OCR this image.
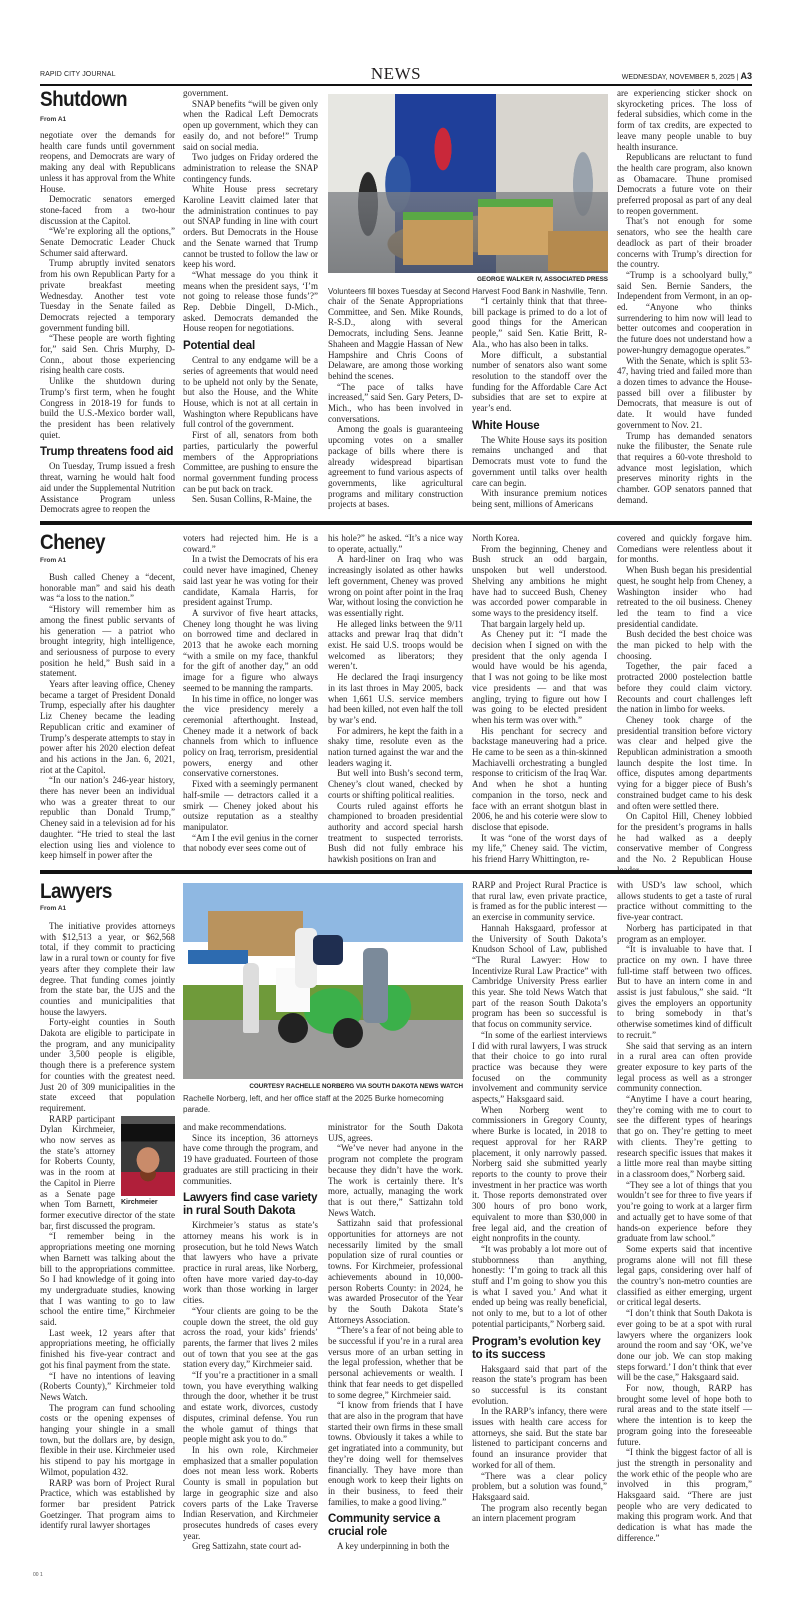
RAPID CITY JOURNAL	NEWS	WEDNESDAY, NOVEMBER 5, 2025 | A3
Shutdown
From A1

negotiate over the demands for health care funds until government reopens, and Democrats are wary of making any deal with Republicans unless it has approval from the White House.

Democratic senators emerged stone-faced from a two-hour discussion at the Capitol.

“We’re exploring all the options,” Senate Democratic Leader Chuck Schumer said afterward.

Trump abruptly invited senators from his own Republican Party for a private breakfast meeting Wednesday. Another test vote Tuesday in the Senate failed as Democrats rejected a temporary government funding bill.

“These people are worth fighting for,” said Sen. Chris Murphy, D-Conn., about those experiencing rising health care costs.

Unlike the shutdown during Trump’s first term, when he fought Congress in 2018-19 for funds to build the U.S.-Mexico border wall, the president has been relatively quiet.

Trump threatens food aid

On Tuesday, Trump issued a fresh threat, warning he would halt food aid under the Supplemental Nutrition Assistance Program unless Democrats agree to reopen the

government.

SNAP benefits “will be given only when the Radical Left Democrats open up government, which they can easily do, and not before!” Trump said on social media.

Two judges on Friday ordered the administration to release the SNAP contingency funds.

White House press secretary Karoline Leavitt claimed later that the administration continues to pay out SNAP funding in line with court orders. But Democrats in the House and the Senate warned that Trump cannot be trusted to follow the law or keep his word.

“What message do you think it means when the president says, ‘I’m not going to release those funds’?” Rep. Debbie Dingell, D-Mich., asked. Democrats demanded the House reopen for negotiations.

Potential deal

Central to any endgame will be a series of agreements that would need to be upheld not only by the Senate, but also the House, and the White House, which is not at all certain in Washington where Republicans have full control of the government.

First of all, senators from both parties, particularly the powerful members of the Appropriations Committee, are pushing to ensure the normal government funding process can be put back on track.

Sen. Susan Collins, R-Maine, the

GEORGE WALKER IV, ASSOCIATED PRESS
Volunteers fill boxes Tuesday at Second Harvest Food Bank in Nashville, Tenn.

chair of the Senate Appropriations Committee, and Sen. Mike Rounds, R-S.D., along with several Democrats, including Sens. Jeanne Shaheen and Maggie Hassan of New Hampshire and Chris Coons of Delaware, are among those working behind the scenes.

“The pace of talks have increased,” said Sen. Gary Peters, D-Mich., who has been involved in conversations.

Among the goals is guaranteeing upcoming votes on a smaller package of bills where there is already widespread bipartisan agreement to fund various aspects of governments, like agricultural programs and military construction projects at bases.

“I certainly think that that three-bill package is primed to do a lot of good things for the American people,” said Sen. Katie Britt, R-Ala., who has also been in talks.

More difficult, a substantial number of senators also want some resolution to the standoff over the funding for the Affordable Care Act subsidies that are set to expire at year’s end.

White House

The White House says its position remains unchanged and that Democrats must vote to fund the government until talks over health care can begin.

With insurance premium notices being sent, millions of Americans

are experiencing sticker shock on skyrocketing prices. The loss of federal subsidies, which come in the form of tax credits, are expected to leave many people unable to buy health insurance.

Republicans are reluctant to fund the health care program, also known as Obamacare. Thune promised Democrats a future vote on their preferred proposal as part of any deal to reopen government.

That’s not enough for some senators, who see the health care deadlock as part of their broader concerns with Trump’s direction for the country.

“Trump is a schoolyard bully,” said Sen. Bernie Sanders, the Independent from Vermont, in an op-ed. “Anyone who thinks surrendering to him now will lead to better outcomes and cooperation in the future does not understand how a power-hungry demagogue operates.”

With the Senate, which is split 53-47, having tried and failed more than a dozen times to advance the House-passed bill over a filibuster by Democrats, that measure is out of date. It would have funded government to Nov. 21.

Trump has demanded senators nuke the filibuster, the Senate rule that requires a 60-vote threshold to advance most legislation, which preserves minority rights in the chamber. GOP senators panned that demand.

Cheney
From A1

Bush called Cheney a “decent, honorable man” and said his death was “a loss to the nation.”

“History will remember him as among the finest public servants of his generation — a patriot who brought integrity, high intelligence, and seriousness of purpose to every position he held,” Bush said in a statement.

Years after leaving office, Cheney became a target of President Donald Trump, especially after his daughter Liz Cheney became the leading Republican critic and examiner of Trump’s desperate attempts to stay in power after his 2020 election defeat and his actions in the Jan. 6, 2021, riot at the Capitol.

“In our nation’s 246-year history, there has never been an individual who was a greater threat to our republic than Donald Trump,” Cheney said in a television ad for his daughter. “He tried to steal the last election using lies and violence to keep himself in power after the

voters had rejected him. He is a coward.”

In a twist the Democrats of his era could never have imagined, Cheney said last year he was voting for their candidate, Kamala Harris, for president against Trump.

A survivor of five heart attacks, Cheney long thought he was living on borrowed time and declared in 2013 that he awoke each morning “with a smile on my face, thankful for the gift of another day,” an odd image for a figure who always seemed to be manning the ramparts.

In his time in office, no longer was the vice presidency merely a ceremonial afterthought. Instead, Cheney made it a network of back channels from which to influence policy on Iraq, terrorism, presidential powers, energy and other conservative cornerstones.

Fixed with a seemingly permanent half-smile — detractors called it a smirk — Cheney joked about his outsize reputation as a stealthy manipulator.

“Am I the evil genius in the corner that nobody ever sees come out of

his hole?” he asked. “It’s a nice way to operate, actually.”

A hard-liner on Iraq who was increasingly isolated as other hawks left government, Cheney was proved wrong on point after point in the Iraq War, without losing the conviction he was essentially right.

He alleged links between the 9/11 attacks and prewar Iraq that didn’t exist. He said U.S. troops would be welcomed as liberators; they weren’t.

He declared the Iraqi insurgency in its last throes in May 2005, back when 1,661 U.S. service members had been killed, not even half the toll by war’s end.

For admirers, he kept the faith in a shaky time, resolute even as the nation turned against the war and the leaders waging it.

But well into Bush’s second term, Cheney’s clout waned, checked by courts or shifting political realities.

Courts ruled against efforts he championed to broaden presidential authority and accord special harsh treatment to suspected terrorists. Bush did not fully embrace his hawkish positions on Iran and

North Korea.

From the beginning, Cheney and Bush struck an odd bargain, unspoken but well understood. Shelving any ambitions he might have had to succeed Bush, Cheney was accorded power comparable in some ways to the presidency itself.

That bargain largely held up.

As Cheney put it: “I made the decision when I signed on with the president that the only agenda I would have would be his agenda, that I was not going to be like most vice presidents — and that was angling, trying to figure out how I was going to be elected president when his term was over with.”

His penchant for secrecy and backstage maneuvering had a price. He came to be seen as a thin-skinned Machiavelli orchestrating a bungled response to criticism of the Iraq War. And when he shot a hunting companion in the torso, neck and face with an errant shotgun blast in 2006, he and his coterie were slow to disclose that episode.

It was “one of the worst days of my life,” Cheney said. The victim, his friend Harry Whittington, re-

covered and quickly forgave him. Comedians were relentless about it for months.

When Bush began his presidential quest, he sought help from Cheney, a Washington insider who had retreated to the oil business. Cheney led the team to find a vice presidential candidate.

Bush decided the best choice was the man picked to help with the choosing.

Together, the pair faced a protracted 2000 postelection battle before they could claim victory. Recounts and court challenges left the nation in limbo for weeks.

Cheney took charge of the presidential transition before victory was clear and helped give the Republican administration a smooth launch despite the lost time. In office, disputes among departments vying for a bigger piece of Bush’s constrained budget came to his desk and often were settled there.

On Capitol Hill, Cheney lobbied for the president’s programs in halls he had walked as a deeply conservative member of Congress and the No. 2 Republican House

Lawyers
From A1

The initiative provides attorneys with $12,513 a year, or $62,568 total, if they commit to practicing law in a rural town or county for five years after they complete their law degree. That funding comes jointly from the state bar, the UJS and the counties and municipalities that house the lawyers.

Forty-eight counties in South Dakota are eligible to participate in the program, and any municipality under 3,500 people is eligible, though there is a preference system for counties with the greatest need. Just 20 of 309 municipalities in the state exceed that population requirement.

Kirchmeier

RARP participant Dylan Kirchmeier, who now serves as the state’s attorney for Roberts County, was in the room at the Capitol in Pierre as a Senate page when Tom Barnett, former executive director of the state bar, first discussed the program.

“I remember being in the appropriations meeting one morning when Barnett was talking about the bill to the appropriations committee. So I had knowledge of it going into my undergraduate studies, knowing that I was wanting to go to law school the entire time,” Kirchmeier said.

Last week, 12 years after that appropriations meeting, he officially finished his five-year contract and got his final payment from the state.

“I have no intentions of leaving (Roberts County),” Kirchmeier told News Watch.

The program can fund schooling costs or the opening expenses of hanging your shingle in a small town, but the dollars are, by design, flexible in their use. Kirchmeier used his stipend to pay his mortgage in Wilmot, population 432.

RARP was born of Project Rural Practice, which was established by former bar president Patrick Goetzinger. That program aims to identify rural lawyer shortages

COURTESY RACHELLE NORBERG VIA SOUTH DAKOTA NEWS WATCH
Rachelle Norberg, left, and her office staff at the 2025 Burke homecoming parade.

and make recommendations.

Since its inception, 36 attorneys have come through the program, and 19 have graduated. Fourteen of those graduates are still practicing in their communities.

Lawyers find case variety in rural South Dakota

Kirchmeier’s status as state’s attorney means his work is in prosecution, but he told News Watch that lawyers who have a private practice in rural areas, like Norberg, often have more varied day-to-day work than those working in larger cities.

“Your clients are going to be the couple down the street, the old guy across the road, your kids’ friends’ parents, the farmer that lives 2 miles out of town that you see at the gas station every day,” Kirchmeier said.

“If you’re a practitioner in a small town, you have everything walking through the door, whether it be trust and estate work, divorces, custody disputes, criminal defense. You run the whole gamut of things that people might ask you to do.”

In his own role, Kirchmeier emphasized that a smaller population does not mean less work. Roberts County is small in population but large in geographic size and also covers parts of the Lake Traverse Indian Reservation, and Kirchmeier prosecutes hundreds of cases every year.

Greg Sattizahn, state court ad-

ministrator for the South Dakota UJS, agrees.

“We’ve never had anyone in the program not complete the program because they didn’t have the work. The work is certainly there. It’s more, actually, managing the work that is out there,” Sattizahn told News Watch.

Sattizahn said that professional opportunities for attorneys are not necessarily limited by the small population size of rural counties or towns. For Kirchmeier, professional achievements abound in 10,000-person Roberts County: in 2024, he was awarded Prosecutor of the Year by the South Dakota State’s Attorneys Association.

“There’s a fear of not being able to be successful if you’re in a rural area versus more of an urban setting in the legal profession, whether that be personal achievements or wealth. I think that fear needs to get dispelled to some degree,” Kirchmeier said.

“I know from friends that I have that are also in the program that have started their own firms in these small towns. Obviously it takes a while to get ingratiated into a community, but they’re doing well for themselves financially. They have more than enough work to keep their lights on in their business, to feed their families, to make a good living.”

Community service a crucial role

A key underpinning in both the

RARP and Project Rural Practice is that rural law, even private practice, is framed as for the public interest — an exercise in community service.

Hannah Haksgaard, professor at the University of South Dakota’s Knudson School of Law, published “The Rural Lawyer: How to Incentivize Rural Law Practice” with Cambridge University Press earlier this year. She told News Watch that part of the reason South Dakota’s program has been so successful is that focus on community service.

“In some of the earliest interviews I did with rural lawyers, I was struck that their choice to go into rural practice was because they were focused on the community involvement and community service aspects,” Haksgaard said.

When Norberg went to commissioners in Gregory County, where Burke is located, in 2018 to request approval for her RARP placement, it only narrowly passed. Norberg said she submitted yearly reports to the county to prove their investment in her practice was worth it. Those reports demonstrated over 300 hours of pro bono work, equivalent to more than $30,000 in free legal aid, and the creation of eight nonprofits in the county.

“It was probably a lot more out of stubbornness than anything, honestly: ‘I’m going to track all this stuff and I’m going to show you this is what I saved you.’ And what it ended up being was really beneficial, not only to me, but to a lot of other potential participants,” Norberg said.

Program’s evolution key to its success

Haksgaard said that part of the reason the state’s program has been so successful is its constant evolution.

In the RARP’s infancy, there were issues with health care access for attorneys, she said. But the state bar listened to participant concerns and found an insurance provider that worked for all of them.

“There was a clear policy problem, but a solution was found,” Haksgaard said.

The program also recently began an intern placement program

with USD’s law school, which allows students to get a taste of rural practice without committing to the five-year contract.

Norberg has participated in that program as an employer.

“It is invaluable to have that. I practice on my own. I have three full-time staff between two offices. But to have an intern come in and assist is just fabulous,” she said. “It gives the employers an opportunity to bring somebody in that’s otherwise sometimes kind of difficult to recruit.”

She said that serving as an intern in a rural area can often provide greater exposure to key parts of the legal process as well as a stronger community connection.

“Anytime I have a court hearing, they’re coming with me to court to see the different types of hearings that go on. They’re getting to meet with clients. They’re getting to research specific issues that makes it a little more real than maybe sitting in a classroom does,” Norberg said.

“They see a lot of things that you wouldn’t see for three to five years if you’re going to work at a larger firm and actually get to have some of that hands-on experience before they graduate from law school.”

Some experts said that incentive programs alone will not fill these legal gaps, considering over half of the country’s non-metro counties are classified as either emerging, urgent or critical legal deserts.

“I don’t think that South Dakota is ever going to be at a spot with rural lawyers where the organizers look around the room and say ‘OK, we’ve done our job. We can stop making steps forward.’ I don’t think that ever will be the case,” Haksgaard said.

For now, though, RARP has brought some level of hope both to rural areas and to the state itself — where the intention is to keep the program going into the foreseeable future.

“I think the biggest factor of all is just the strength in personality and the work ethic of the people who are involved in this program,” Haksgaard said. “There are just people who are very dedicated to making this program work. And that dedication is what has made the difference.”

00 1
